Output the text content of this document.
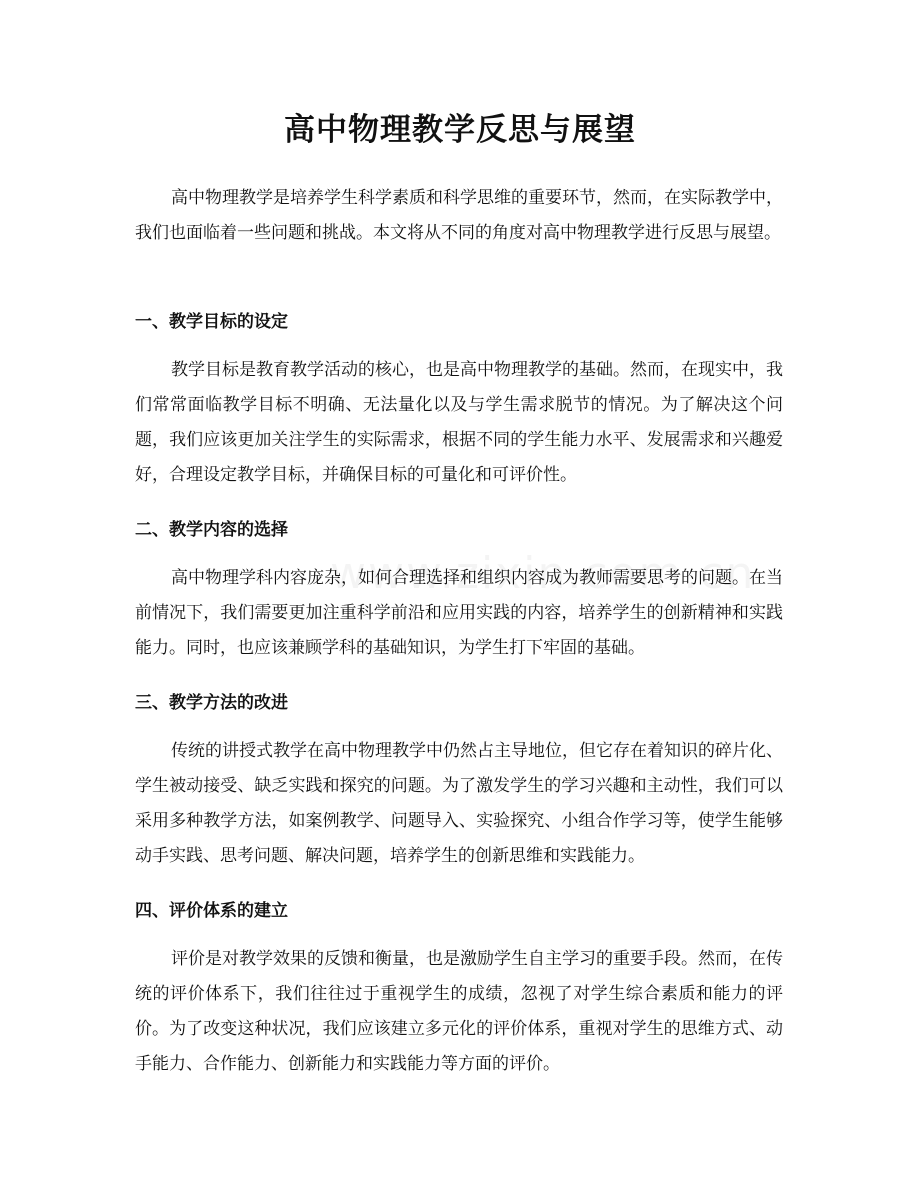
高中物理教学反思与展望

高中物理教学是培养学生科学素质和科学思维的重要环节，然而，在实际教学中，我们也面临着一些问题和挑战。本文将从不同的角度对高中物理教学进行反思与展望。

一、教学目标的设定

教学目标是教育教学活动的核心，也是高中物理教学的基础。然而，在现实中，我们常常面临教学目标不明确、无法量化以及与学生需求脱节的情况。为了解决这个问题，我们应该更加关注学生的实际需求，根据不同的学生能力水平、发展需求和兴趣爱好，合理设定教学目标，并确保目标的可量化和可评价性。

二、教学内容的选择

高中物理学科内容庞杂，如何合理选择和组织内容成为教师需要思考的问题。在当前情况下，我们需要更加注重科学前沿和应用实践的内容，培养学生的创新精神和实践能力。同时，也应该兼顾学科的基础知识，为学生打下牢固的基础。

三、教学方法的改进

传统的讲授式教学在高中物理教学中仍然占主导地位，但它存在着知识的碎片化、学生被动接受、缺乏实践和探究的问题。为了激发学生的学习兴趣和主动性，我们可以采用多种教学方法，如案例教学、问题导入、实验探究、小组合作学习等，使学生能够动手实践、思考问题、解决问题，培养学生的创新思维和实践能力。

四、评价体系的建立

评价是对教学效果的反馈和衡量，也是激励学生自主学习的重要手段。然而，在传统的评价体系下，我们往往过于重视学生的成绩，忽视了对学生综合素质和能力的评价。为了改变这种状况，我们应该建立多元化的评价体系，重视对学生的思维方式、动手能力、合作能力、创新能力和实践能力等方面的评价。
